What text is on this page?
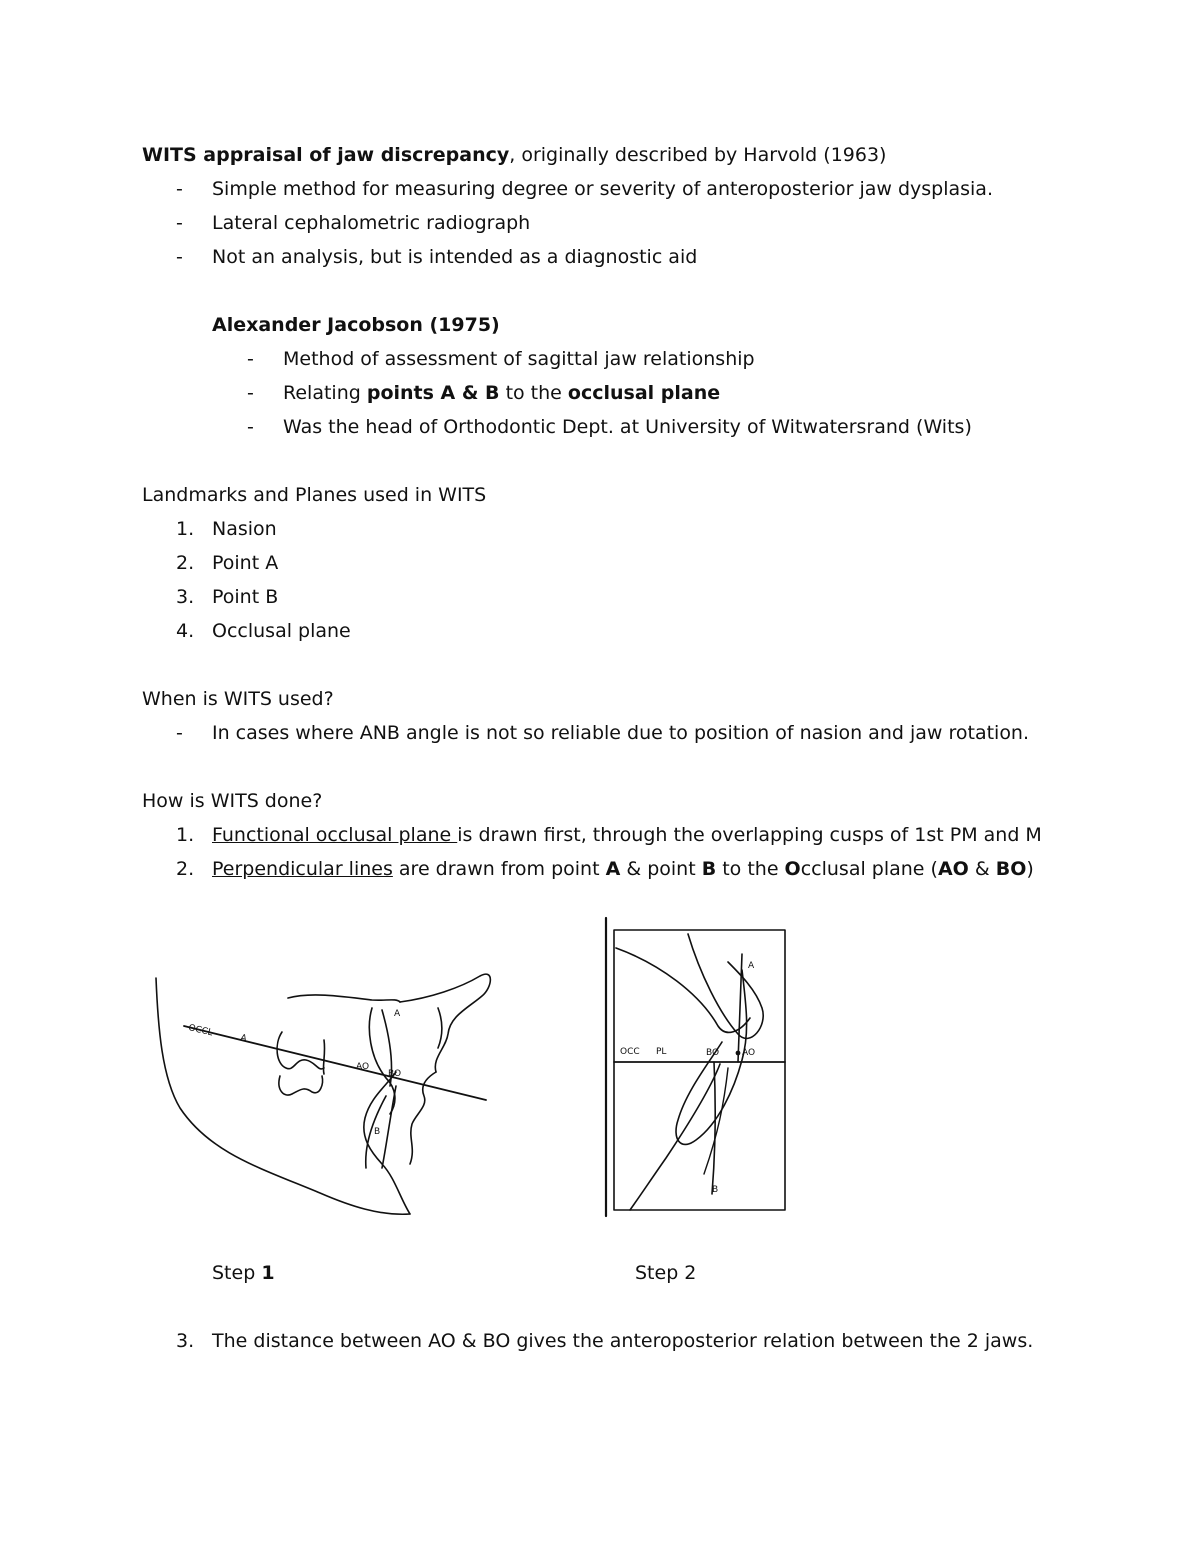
WITS appraisal of jaw discrepancy, originally described by Harvold (1963)
- Simple method for measuring degree or severity of anteroposterior jaw dysplasia.
- Lateral cephalometric radiograph
- Not an analysis, but is intended as a diagnostic aid
Alexander Jacobson (1975)
- Method of assessment of sagittal jaw relationship
- Relating points A & B to the occlusal plane
- Was the head of Orthodontic Dept. at University of Witwatersrand (Wits)
Landmarks and Planes used in WITS
1. Nasion
2. Point A
3. Point B
4. Occlusal plane
When is WITS used?
- In cases where ANB angle is not so reliable due to position of nasion and jaw rotation.
How is WITS done?
1. Functional occlusal plane is drawn first, through the overlapping cusps of 1st PM and M
2. Perpendicular lines are drawn from point A & point B to the Occlusal plane (AO & BO)
OCCL
A
A
AO
BO
B
A
OCC PL	BO	AO
B
Step 1	Step 2
3. The distance between AO & BO gives the anteroposterior relation between the 2 jaws.
